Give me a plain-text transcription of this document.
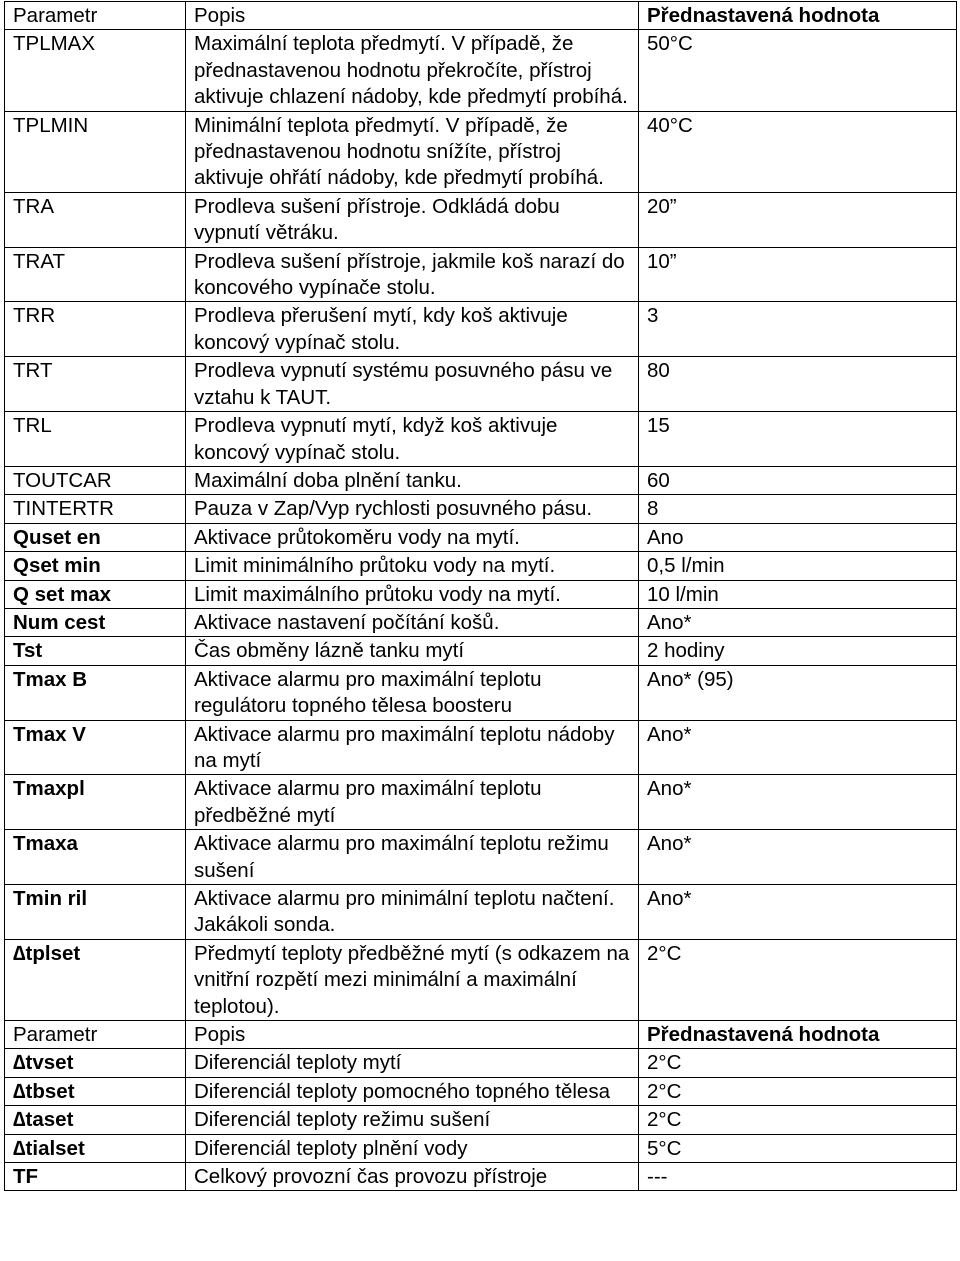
Parametr	Popis	Přednastavená hodnota
TPLMAX	Maximální teplota předmytí. V případě, že přednastavenou hodnotu překročíte, přístroj aktivuje chlazení nádoby, kde předmytí probíhá.	50°C
TPLMIN	Minimální teplota předmytí. V případě, že přednastavenou hodnotu snížíte, přístroj aktivuje ohřátí nádoby, kde předmytí probíhá.	40°C
TRA	Prodleva sušení přístroje. Odkládá dobu vypnutí větráku.	20”
TRAT	Prodleva sušení přístroje, jakmile koš narazí do koncového vypínače stolu.	10”
TRR	Prodleva přerušení mytí, kdy koš aktivuje koncový vypínač stolu.	3
TRT	Prodleva vypnutí systému posuvného pásu ve vztahu k TAUT.	80
TRL	Prodleva vypnutí mytí, když koš aktivuje koncový vypínač stolu.	15
TOUTCAR	Maximální doba plnění tanku.	60
TINTERTR	Pauza v Zap/Vyp rychlosti posuvného pásu.	8
Quset en	Aktivace průtokoměru vody na mytí.	Ano
Qset min	Limit minimálního průtoku vody na mytí.	0,5 l/min
Q set max	Limit maximálního průtoku vody na mytí.	10 l/min
Num cest	Aktivace nastavení počítání košů.	Ano*
Tst	Čas obměny lázně tanku mytí	2 hodiny
Tmax B	Aktivace alarmu pro maximální teplotu regulátoru topného tělesa boosteru	Ano* (95)
Tmax V	Aktivace alarmu pro maximální teplotu nádoby na mytí	Ano*
Tmaxpl	Aktivace alarmu pro maximální teplotu předběžné mytí	Ano*
Tmaxa	Aktivace alarmu pro maximální teplotu režimu sušení	Ano*
Tmin ril	Aktivace alarmu pro minimální teplotu načtení. Jakákoli sonda.	Ano*
∆tplset	Předmytí teploty předběžné mytí (s odkazem na vnitřní rozpětí mezi minimální a maximální teplotou).	2°C
Parametr	Popis	Přednastavená hodnota
∆tvset	Diferenciál teploty mytí	2°C
∆tbset	Diferenciál teploty pomocného topného tělesa	2°C
∆taset	Diferenciál teploty režimu sušení	2°C
∆tialset	Diferenciál teploty plnění vody	5°C
TF	Celkový provozní čas provozu přístroje	---
